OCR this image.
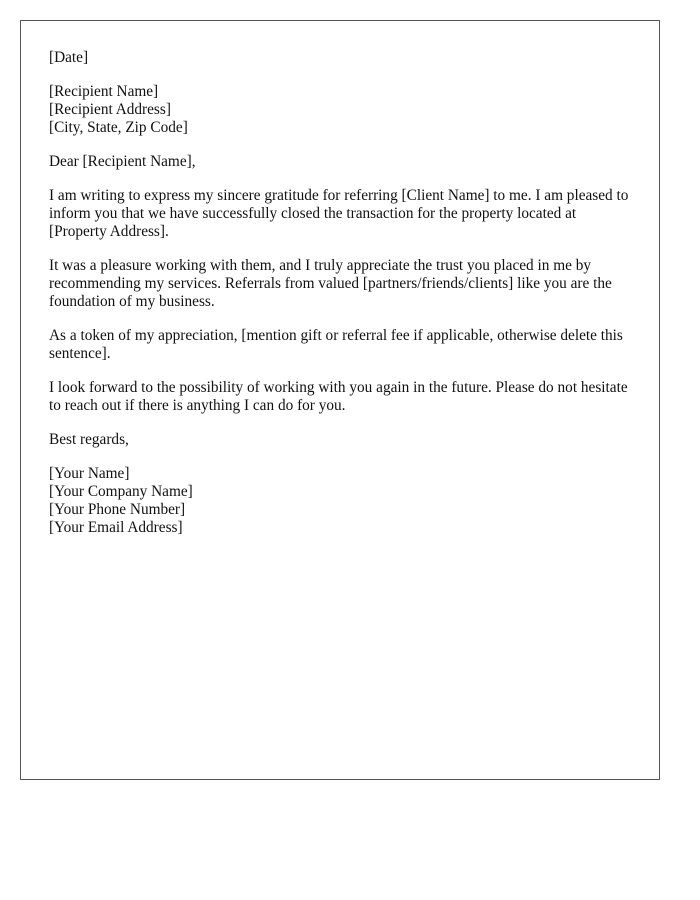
[Date]
[Recipient Name]
[Recipient Address]
[City, State, Zip Code]
Dear [Recipient Name],

I am writing to express my sincere gratitude for referring [Client Name] to me. I am pleased to inform you that we have successfully closed the transaction for the property located at [Property Address].

It was a pleasure working with them, and I truly appreciate the trust you placed in me by recommending my services. Referrals from valued [partners/friends/clients] like you are the foundation of my business.

As a token of my appreciation, [mention gift or referral fee if applicable, otherwise delete this sentence].

I look forward to the possibility of working with you again in the future. Please do not hesitate to reach out if there is anything I can do for you.

Best regards,
[Your Name]
[Your Company Name]
[Your Phone Number]
[Your Email Address]
